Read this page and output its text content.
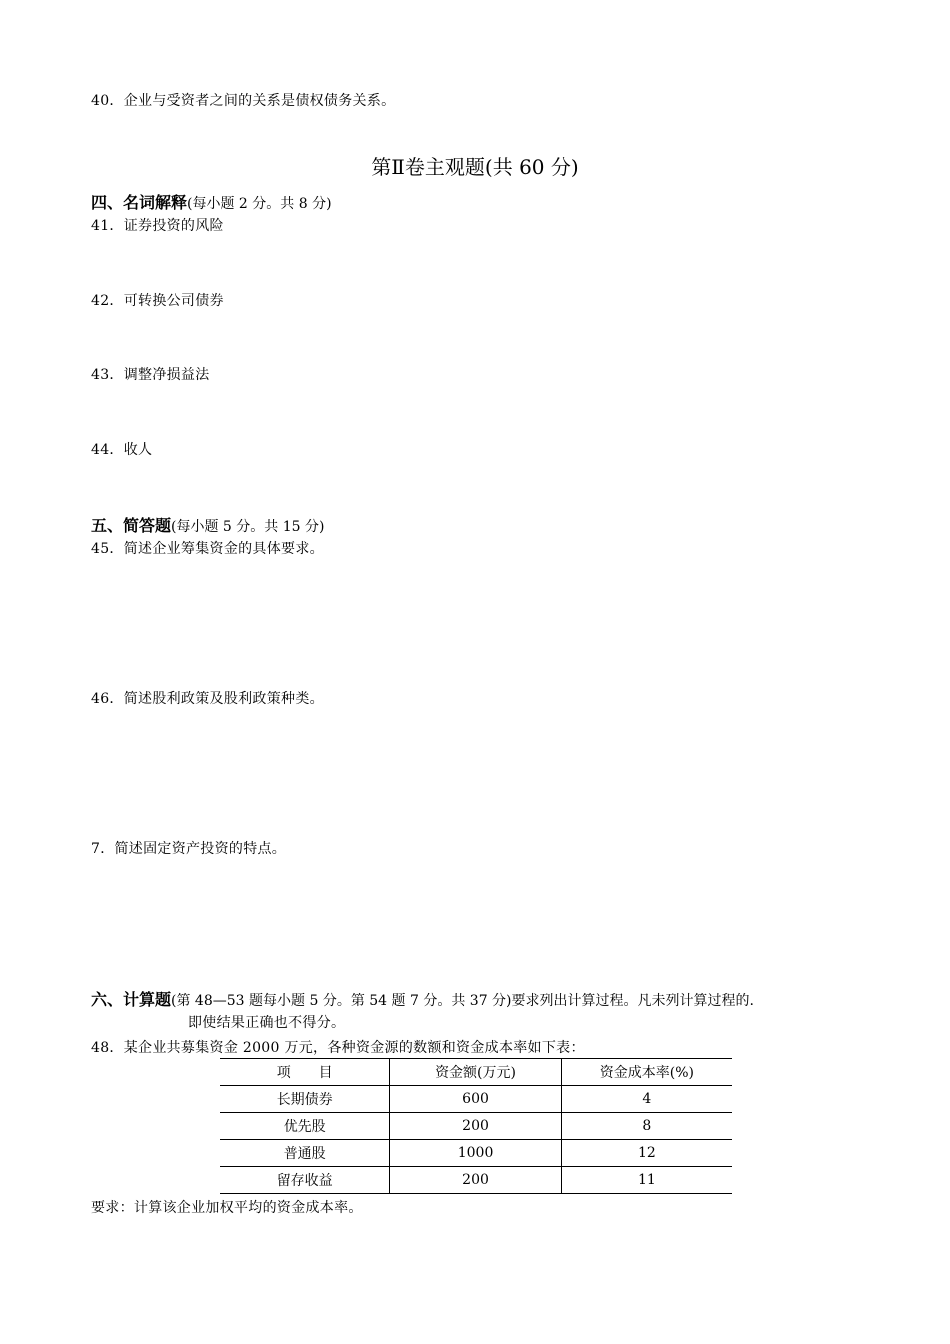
40．企业与受资者之间的关系是债权债务关系。
第Ⅱ卷主观题(共 60 分)
四、名词解释(每小题 2 分。共 8 分)
41．证券投资的风险
42．可转换公司债券
43．调整净损益法
44．收人
五、简答题(每小题 5 分。共 15 分)
45．简述企业筹集资金的具体要求。
46．简述股利政策及股利政策种类。
7．简述固定资产投资的特点。
六、计算题(第 48—53 题每小题 5 分。第 54 题 7 分。共 37 分)要求列出计算过程。凡未列计算过程的.
即使结果正确也不得分。
48．某企业共募集资金 2000 万元，各种资金源的数额和资金成本率如下表：
项　　目	资金额(万元)	资金成本率(%)
长期债券	600	4
优先股	200	8
普通股	1000	12
留存收益	200	11
要求：计算该企业加权平均的资金成本率。
